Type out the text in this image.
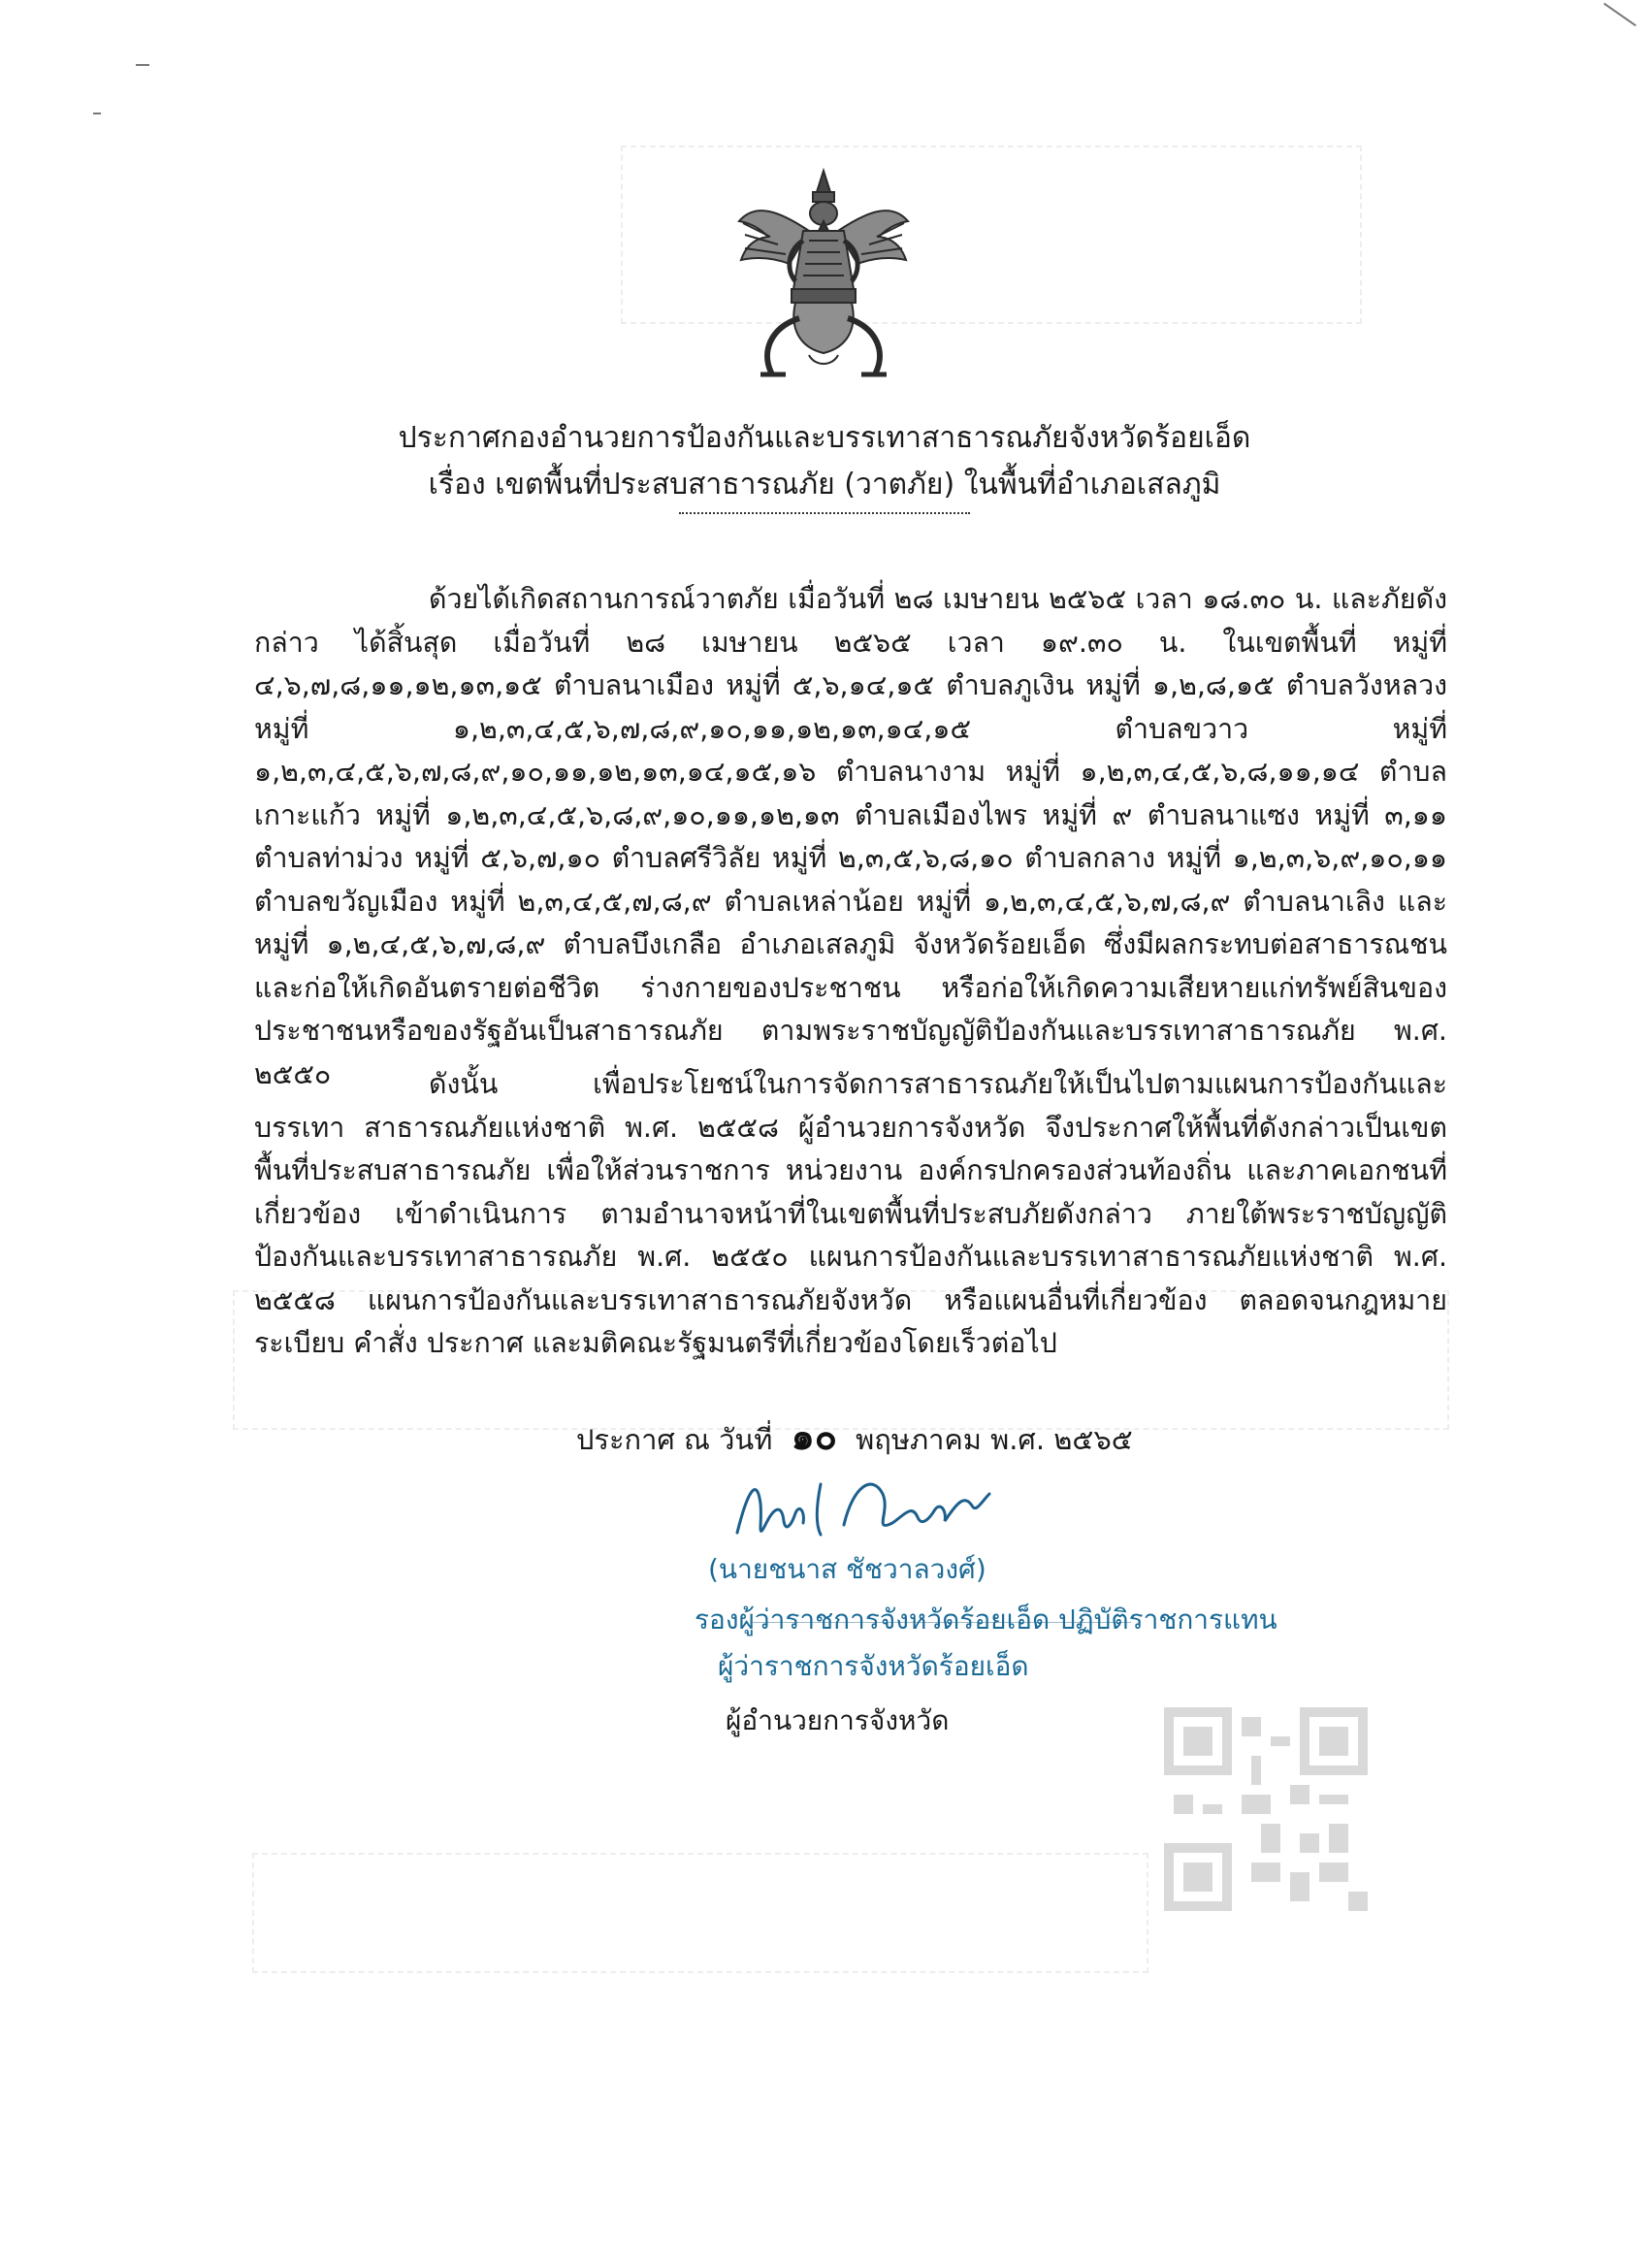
ประกาศกองอำนวยการป้องกันและบรรเทาสาธารณภัยจังหวัดร้อยเอ็ด
เรื่อง เขตพื้นที่ประสบสาธารณภัย (วาตภัย) ในพื้นที่อำเภอเสลภูมิ
ด้วยได้เกิดสถานการณ์วาตภัย เมื่อวันที่ ๒๘ เมษายน ๒๕๖๕ เวลา ๑๘.๓๐ น. และภัยดังกล่าว ได้สิ้นสุด เมื่อวันที่ ๒๘ เมษายน ๒๕๖๕ เวลา ๑๙.๓๐ น. ในเขตพื้นที่ หมู่ที่ ๔,๖,๗,๘,๑๑,๑๒,๑๓,๑๕ ตำบลนาเมือง หมู่ที่ ๕,๖,๑๔,๑๕ ตำบลภูเงิน หมู่ที่ ๑,๒,๘,๑๕ ตำบลวังหลวง หมู่ที่ ๑,๒,๓,๔,๕,๖,๗,๘,๙,๑๐,๑๑,๑๒,๑๓,๑๔,๑๕ ตำบลขวาว หมู่ที่ ๑,๒,๓,๔,๕,๖,๗,๘,๙,๑๐,๑๑,๑๒,๑๓,๑๔,๑๕,๑๖ ตำบลนางาม หมู่ที่ ๑,๒,๓,๔,๕,๖,๘,๑๑,๑๔ ตำบลเกาะแก้ว หมู่ที่ ๑,๒,๓,๔,๕,๖,๘,๙,๑๐,๑๑,๑๒,๑๓ ตำบลเมืองไพร หมู่ที่ ๙ ตำบลนาแซง หมู่ที่ ๓,๑๑ ตำบลท่าม่วง หมู่ที่ ๕,๖,๗,๑๐ ตำบลศรีวิลัย หมู่ที่ ๒,๓,๕,๖,๘,๑๐ ตำบลกลาง หมู่ที่ ๑,๒,๓,๖,๙,๑๐,๑๑ ตำบลขวัญเมือง หมู่ที่ ๒,๓,๔,๕,๗,๘,๙ ตำบลเหล่าน้อย หมู่ที่ ๑,๒,๓,๔,๕,๖,๗,๘,๙ ตำบลนาเลิง และ หมู่ที่ ๑,๒,๔,๕,๖,๗,๘,๙ ตำบลบึงเกลือ อำเภอเสลภูมิ จังหวัดร้อยเอ็ด ซึ่งมีผลกระทบต่อสาธารณชนและก่อให้เกิดอันตรายต่อชีวิต ร่างกายของประชาชน หรือก่อให้เกิดความเสียหายแก่ทรัพย์สินของประชาชนหรือของรัฐอันเป็นสาธารณภัย ตามพระราชบัญญัติป้องกันและบรรเทาสาธารณภัย พ.ศ. ๒๕๕๐	ดังนั้น เพื่อประโยชน์ในการจัดการสาธารณภัยให้เป็นไปตามแผนการป้องกันและบรรเทา สาธารณภัยแห่งชาติ พ.ศ. ๒๕๕๘ ผู้อำนวยการจังหวัด จึงประกาศให้พื้นที่ดังกล่าวเป็นเขตพื้นที่ประสบสาธารณภัย เพื่อให้ส่วนราชการ หน่วยงาน องค์กรปกครองส่วนท้องถิ่น และภาคเอกชนที่เกี่ยวข้อง เข้าดำเนินการ ตามอำนาจหน้าที่ในเขตพื้นที่ประสบภัยดังกล่าว ภายใต้พระราชบัญญัติป้องกันและบรรเทาสาธารณภัย พ.ศ. ๒๕๕๐ แผนการป้องกันและบรรเทาสาธารณภัยแห่งชาติ พ.ศ. ๒๕๕๘ แผนการป้องกันและบรรเทาสาธารณภัยจังหวัด หรือแผนอื่นที่เกี่ยวข้อง ตลอดจนกฎหมาย ระเบียบ คำสั่ง ประกาศ และมติคณะรัฐมนตรีที่เกี่ยวข้องโดยเร็วต่อไป
ประกาศ ณ วันที่ ๑๐ พฤษภาคม พ.ศ. ๒๕๖๕
(นายชนาส ชัชวาลวงศ์)
รองผู้ว่าราชการจังหวัดร้อยเอ็ด ปฏิบัติราชการแทน
ผู้ว่าราชการจังหวัดร้อยเอ็ด
ผู้อำนวยการจังหวัด
